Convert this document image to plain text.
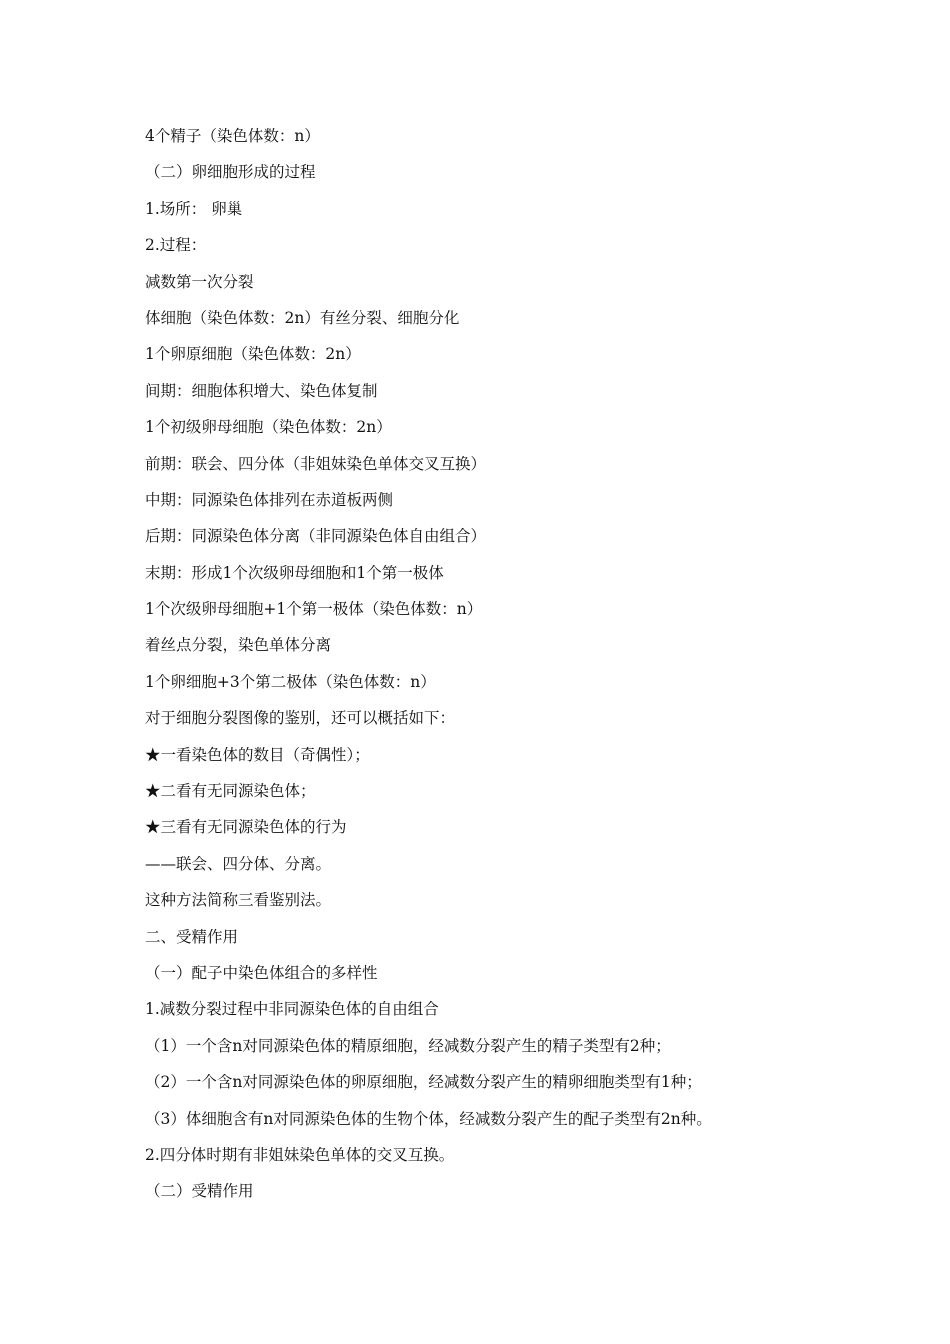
4个精子（染色体数：n）
（二）卵细胞形成的过程
1.场所： 卵巢
2.过程：
减数第一次分裂
体细胞（染色体数：2n）有丝分裂、细胞分化
1个卵原细胞（染色体数：2n）
间期：细胞体积增大、染色体复制
1个初级卵母细胞（染色体数：2n）
前期：联会、四分体（非姐妹染色单体交叉互换）
中期：同源染色体排列在赤道板两侧
后期：同源染色体分离（非同源染色体自由组合）
末期：形成1个次级卵母细胞和1个第一极体
1个次级卵母细胞+1个第一极体（染色体数：n）
着丝点分裂，染色单体分离
1个卵细胞+3个第二极体（染色体数：n）
对于细胞分裂图像的鉴别，还可以概括如下：
★一看染色体的数目（奇偶性）；
★二看有无同源染色体；
★三看有无同源染色体的行为
——联会、四分体、分离。
这种方法简称三看鉴别法。
二、受精作用
（一）配子中染色体组合的多样性
1.减数分裂过程中非同源染色体的自由组合
（1）一个含n对同源染色体的精原细胞，经减数分裂产生的精子类型有2种；
（2）一个含n对同源染色体的卵原细胞，经减数分裂产生的精卵细胞类型有1种；
（3）体细胞含有n对同源染色体的生物个体，经减数分裂产生的配子类型有2n种。
2.四分体时期有非姐妹染色单体的交叉互换。
（二）受精作用
